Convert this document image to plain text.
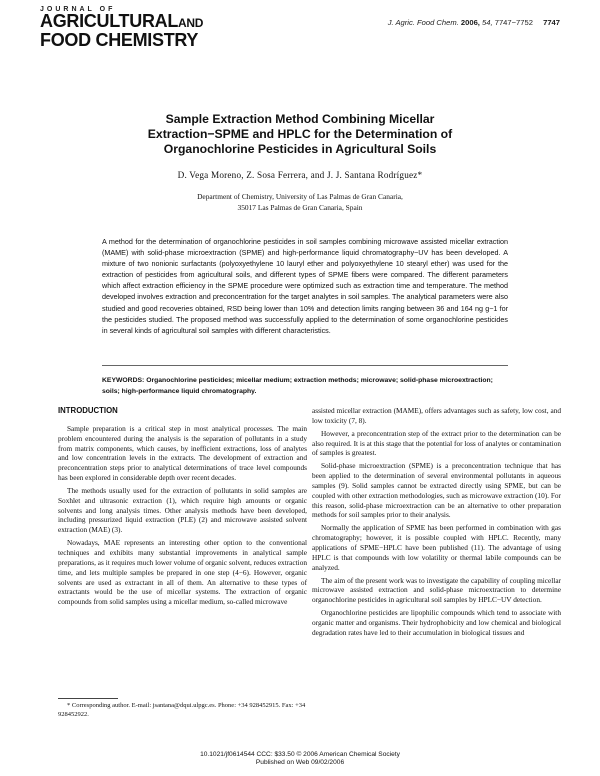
JOURNAL OF
AGRICULTURALAND
FOOD CHEMISTRY
J. Agric. Food Chem. 2006, 54, 7747−7752 7747
Sample Extraction Method Combining Micellar
Extraction−SPME and HPLC for the Determination of
Organochlorine Pesticides in Agricultural Soils
D. Vega Moreno, Z. Sosa Ferrera, and J. J. Santana Rodríguez*
Department of Chemistry, University of Las Palmas de Gran Canaria,
35017 Las Palmas de Gran Canaria, Spain
A method for the determination of organochlorine pesticides in soil samples combining microwave assisted micellar extraction (MAME) with solid-phase microextraction (SPME) and high-performance liquid chromatography−UV has been developed. A mixture of two nonionic surfactants (polyoxyethylene 10 lauryl ether and polyoxyethylene 10 stearyl ether) was used for the extraction of pesticides from agricultural soils, and different types of SPME fibers were compared. The different parameters which affect extraction efficiency in the SPME procedure were optimized such as extraction time and temperature. The method developed involves extraction and preconcentration for the target analytes in soil samples. The analytical parameters were also studied and good recoveries obtained, RSD being lower than 10% and detection limits ranging between 36 and 164 ng g−1 for the pesticides studied. The proposed method was successfully applied to the determination of some organochlorine pesticides in several kinds of agricultural soil samples with different characteristics.
KEYWORDS: Organochlorine pesticides; micellar medium; extraction methods; microwave; solid-phase microextraction; soils; high-performance liquid chromatography.
INTRODUCTION

Sample preparation is a critical step in most analytical processes. The main problem encountered during the analysis is the separation of pollutants in a study from matrix components, which causes, by inefficient extractions, loss of analytes and low concentration levels in the extracts. The development of extraction and preconcentration steps prior to analytical determinations of trace level compounds has been explored in considerable depth over recent decades.

The methods usually used for the extraction of pollutants in solid samples are Soxhlet and ultrasonic extraction (1), which require high amounts or organic solvents and long analysis times. Other analysis methods have been developed, including pressurized liquid extraction (PLE) (2) and microwave assisted solvent extraction (MAE) (3).

Nowadays, MAE represents an interesting other option to the conventional techniques and exhibits many substantial improvements in analytical sample preparations, as it requires much lower volume of organic solvent, reduces extraction time, and lets multiple samples be prepared in one step (4−6). However, organic solvents are used as extractant in all of them. An alternative to these types of extractants would be the use of micellar systems. The extraction of organic compounds from solid samples using a micellar medium, so-called microwave

assisted micellar extraction (MAME), offers advantages such as safety, low cost, and low toxicity (7, 8).

However, a preconcentration step of the extract prior to the determination can be also required. It is at this stage that the potential for loss of analytes or contamination of samples is greatest.

Solid-phase microextraction (SPME) is a preconcentration technique that has been applied to the determination of several environmental pollutants in aqueous samples (9). Solid samples cannot be extracted directly using SPME, but can be coupled with other extraction methodologies, such as microwave extraction (10). For this reason, solid-phase microextraction can be an alternative to other preparation methods for soil samples prior to their analysis.

Normally the application of SPME has been performed in combination with gas chromatography; however, it is possible coupled with HPLC. Recently, many applications of SPME−HPLC have been published (11). The advantage of using HPLC is that compounds with low volatility or thermal labile compounds can be analyzed.

The aim of the present work was to investigate the capability of coupling micellar microwave assisted extraction and solid-phase microextraction to determine organochlorine pesticides in agricultural soil samples by HPLC−UV detection.

Organochlorine pesticides are lipophilic compounds which tend to associate with organic matter and organisms. Their hydrophobicity and low chemical and biological degradation rates have led to their accumulation in biological tissues and

* Corresponding author. E-mail: jsantana@dqui.ulpgc.es. Phone: +34 928452915. Fax: +34 928452922.
10.1021/jf0614544 CCC: $33.50 © 2006 American Chemical Society
Published on Web 09/02/2006
